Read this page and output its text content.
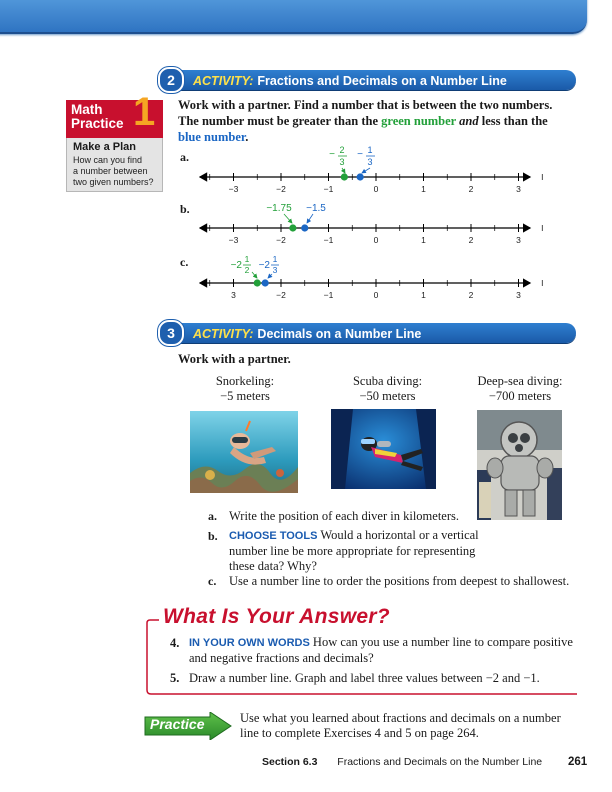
2	ACTIVITY: Fractions and Decimals on a Number Line
Math
Practice 1
Make a Plan
How can you find
a number between
two given numbers?
Work with a partner. Find a number that is between the two numbers.
The number must be greater than the green number and less than the
blue number.
a.
b.
c.
−3	−2	−1	0	1	2	3
− 2
3
− 1
3
−3	−2	−1	0	1	2	3
−1.75 −1.5
3	−2	−1	0	1	2	3
−2
1
2 −2
1
3
3	ACTIVITY: Decimals on a Number Line
Work with a partner.
Snorkeling:
−5 meters
Scuba diving:
−50 meters
Deep-sea diving:
−700 meters
a. Write the position of each diver in kilometers.
b. CHOOSE TOOLS Would a horizontal or a vertical
number line be more appropriate for representing
these data? Why?
c. Use a number line to order the positions from deepest to shallowest.
What Is Your Answer?
4. IN YOUR OWN WORDS How can you use a number line to compare positive
and negative fractions and decimals?
5. Draw a number line. Graph and label three values between −2 and −1.
Practice	Use what you learned about fractions and decimals on a number
line to complete Exercises 4 and 5 on page 264.
Section 6.3 Fractions and Decimals on the Number Line 261
